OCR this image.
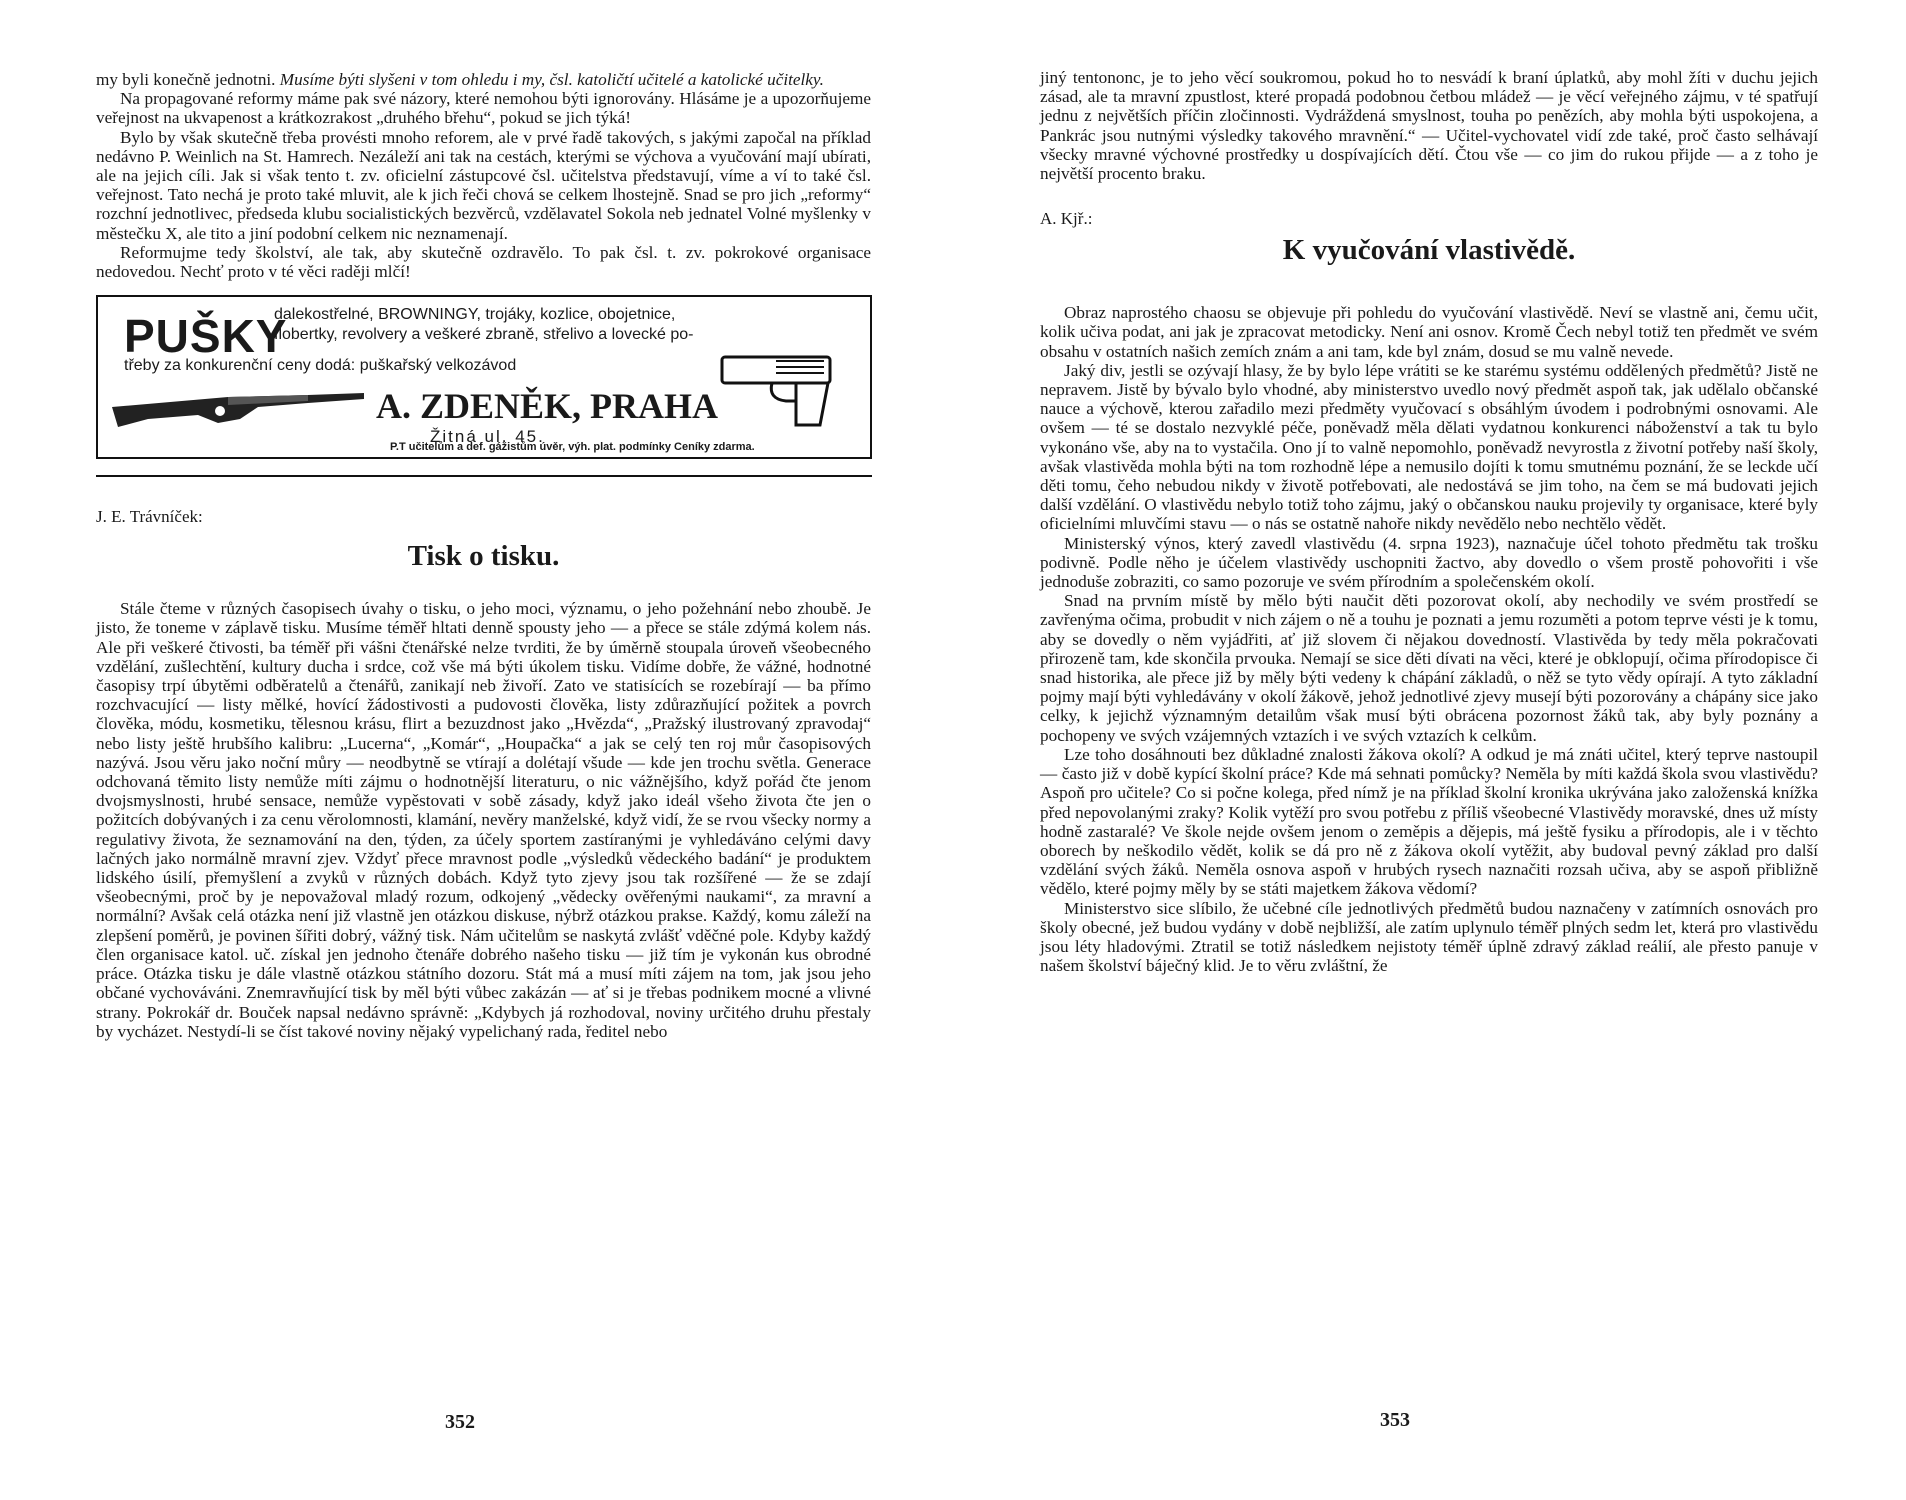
my byli konečně jednotni. Musíme býti slyšeni v tom ohledu i my, čsl. katoličtí učitelé a katolické učitelky.

Na propagované reformy máme pak své názory, které nemohou býti ignorovány. Hlásáme je a upozorňujeme veřejnost na ukvapenost a krátkozrakost „druhého břehu“, pokud se jich týká!

Bylo by však skutečně třeba provésti mnoho reforem, ale v prvé řadě takových, s jakými započal na příklad nedávno P. Weinlich na St. Hamrech. Nezáleží ani tak na cestách, kterými se výchova a vyučování mají ubírati, ale na jejich cíli. Jak si však tento t. zv. oficielní zástupcové čsl. učitelstva představují, víme a ví to také čsl. veřejnost. Tato nechá je proto také mluvit, ale k jich řeči chová se celkem lhostejně. Snad se pro jich „reformy“ rozchní jednotlivec, předseda klubu socialistických bezvěrců, vzdělavatel Sokola neb jednatel Volné myšlenky v městečku X, ale tito a jiní podobní celkem nic neznamenají.

Reformujme tedy školství, ale tak, aby skutečně ozdravělo. To pak čsl. t. zv. pokrokové organisace nedovedou. Nechť proto v té věci raději mlčí!

PUŠKY
dalekostřelné, BROWNINGY, trojáky, kozlice, obojetnice,
flobertky, revolvery a veškeré zbraně, střelivo a lovecké po-
třeby za konkurenční ceny dodá: puškařský velkozávod
A. ZDENĚK, PRAHA
Žitná ul. 45.
P.T učitelům a def. gážistům úvěr, výh. plat. podmínky Ceníky zdarma.

J. E. Trávníček:

Tisk o tisku.

Stále čteme v různých časopisech úvahy o tisku, o jeho moci, významu, o jeho požehnání nebo zhoubě. Je jisto, že toneme v záplavě tisku. Musíme téměř hltati denně spousty jeho — a přece se stále zdýmá kolem nás. Ale při veškeré čtivosti, ba téměř při vášni čtenářské nelze tvrditi, že by úměrně stoupala úroveň všeobecného vzdělání, zušlechtění, kultury ducha i srdce, což vše má býti úkolem tisku. Vidíme dobře, že vážné, hodnotné časopisy trpí úbytěmi odběratelů a čtenářů, zanikají neb živoří. Zato ve statisících se rozebírají — ba přímo rozchvacující — listy mělké, hovící žádostivosti a pudovosti člověka, listy zdůrazňující požitek a povrch člověka, módu, kosmetiku, tělesnou krásu, flirt a bezuzdnost jako „Hvězda“, „Pražský ilustrovaný zpravodaj“ nebo listy ještě hrubšího kalibru: „Lucerna“, „Komár“, „Houpačka“ a jak se celý ten roj můr časopisových nazývá. Jsou věru jako noční můry — neodbytně se vtírají a dolétají všude — kde jen trochu světla. Generace odchovaná těmito listy nemůže míti zájmu o hodnotnější literaturu, o nic vážnějšího, když pořád čte jenom dvojsmyslnosti, hrubé sensace, nemůže vypěstovati v sobě zásady, když jako ideál všeho života čte jen o požitcích dobývaných i za cenu věrolomnosti, klamání, nevěry manželské, když vidí, že se rvou všecky normy a regulativy života, že seznamování na den, týden, za účely sportem zastíranými je vyhledáváno celými davy lačných jako normálně mravní zjev. Vždyť přece mravnost podle „výsledků vědeckého badání“ je produktem lidského úsilí, přemyšlení a zvyků v různých dobách. Když tyto zjevy jsou tak rozšířené — že se zdají všeobecnými, proč by je nepovažoval mladý rozum, odkojený „vědecky ověřenými naukami“, za mravní a normální? Avšak celá otázka není již vlastně jen otázkou diskuse, nýbrž otázkou prakse. Každý, komu záleží na zlepšení poměrů, je povinen šířiti dobrý, vážný tisk. Nám učitelům se naskytá zvlášť vděčné pole. Kdyby každý člen organisace katol. uč. získal jen jednoho čtenáře dobrého našeho tisku — již tím je vykonán kus obrodné práce. Otázka tisku je dále vlastně otázkou státního dozoru. Stát má a musí míti zájem na tom, jak jsou jeho občané vychováváni. Znemravňující tisk by měl býti vůbec zakázán — ať si je třebas podnikem mocné a vlivné strany. Pokrokář dr. Bouček napsal nedávno správně: „Kdybych já rozhodoval, noviny určitého druhu přestaly by vycházet. Nestydí-li se číst takové noviny nějaký vypelichaný rada, ředitel nebo

352

jiný tentononc, je to jeho věcí soukromou, pokud ho to nesvádí k braní úplatků, aby mohl žíti v duchu jejich zásad, ale ta mravní zpustlost, které propadá podobnou četbou mládež — je věcí veřejného zájmu, v té spatřují jednu z největších příčin zločinnosti. Vydráždená smyslnost, touha po penězích, aby mohla býti uspokojena, a Pankrác jsou nutnými výsledky takového mravnění.“ — Učitel-vychovatel vidí zde také, proč často selhávají všecky mravné výchovné prostředky u dospívajících dětí. Čtou vše — co jim do rukou přijde — a z toho je největší procento braku.

A. Kjř.:

K vyučování vlastivědě.

Obraz naprostého chaosu se objevuje při pohledu do vyučování vlastivědě. Neví se vlastně ani, čemu učit, kolik učiva podat, ani jak je zpracovat metodicky. Není ani osnov. Kromě Čech nebyl totiž ten předmět ve svém obsahu v ostatních našich zemích znám a ani tam, kde byl znám, dosud se mu valně nevede.

Jaký div, jestli se ozývají hlasy, že by bylo lépe vrátiti se ke starému systému oddělených předmětů? Jistě ne nepravem. Jistě by bývalo bylo vhodné, aby ministerstvo uvedlo nový předmět aspoň tak, jak udělalo občanské nauce a výchově, kterou zařadilo mezi předměty vyučovací s obsáhlým úvodem i podrobnými osnovami. Ale ovšem — té se dostalo nezvyklé péče, poněvadž měla dělati vydatnou konkurenci náboženství a tak tu bylo vykonáno vše, aby na to vystačila. Ono jí to valně nepomohlo, poněvadž nevyrostla z životní potřeby naší školy, avšak vlastivěda mohla býti na tom rozhodně lépe a nemusilo dojíti k tomu smutnému poznání, že se leckde učí děti tomu, čeho nebudou nikdy v životě potřebovati, ale nedostává se jim toho, na čem se má budovati jejich další vzdělání. O vlastivědu nebylo totiž toho zájmu, jaký o občanskou nauku projevily ty organisace, které byly oficielními mluvčími stavu — o nás se ostatně nahoře nikdy nevědělo nebo nechtělo vědět.

Ministerský výnos, který zavedl vlastivědu (4. srpna 1923), naznačuje účel tohoto předmětu tak trošku podivně. Podle něho je účelem vlastivědy uschopniti žactvo, aby dovedlo o všem prostě pohovořiti i vše jednoduše zobraziti, co samo pozoruje ve svém přírodním a společenském okolí.

Snad na prvním místě by mělo býti naučit děti pozorovat okolí, aby nechodily ve svém prostředí se zavřenýma očima, probudit v nich zájem o ně a touhu je poznati a jemu rozuměti a potom teprve vésti je k tomu, aby se dovedly o něm vyjádřiti, ať již slovem či nějakou dovedností. Vlastivěda by tedy měla pokračovati přirozeně tam, kde skončila prvouka. Nemají se sice děti dívati na věci, které je obklopují, očima přírodopisce či snad historika, ale přece již by měly býti vedeny k chápání základů, o něž se tyto vědy opírají. A tyto základní pojmy mají býti vyhledávány v okolí žákově, jehož jednotlivé zjevy musejí býti pozorovány a chápány sice jako celky, k jejichž významným detailům však musí býti obrácena pozornost žáků tak, aby byly poznány a pochopeny ve svých vzájemných vztazích i ve svých vztazích k celkům.

Lze toho dosáhnouti bez důkladné znalosti žákova okolí? A odkud je má znáti učitel, který teprve nastoupil — často již v době kypící školní práce? Kde má sehnati pomůcky? Neměla by míti každá škola svou vlastivědu? Aspoň pro učitele? Co si počne kolega, před nímž je na příklad školní kronika ukrývána jako založenská knížka před nepovolanými zraky? Kolik vytěží pro svou potřebu z příliš všeobecné Vlastivědy moravské, dnes už místy hodně zastaralé? Ve škole nejde ovšem jenom o zeměpis a dějepis, má ještě fysiku a přírodopis, ale i v těchto oborech by neškodilo vědět, kolik se dá pro ně z žákova okolí vytěžit, aby budoval pevný základ pro další vzdělání svých žáků. Neměla osnova aspoň v hrubých rysech naznačiti rozsah učiva, aby se aspoň přibližně vědělo, které pojmy měly by se státi majetkem žákova vědomí?

Ministerstvo sice slíbilo, že učebné cíle jednotlivých předmětů budou naznačeny v zatímních osnovách pro školy obecné, jež budou vydány v době nejbližší, ale zatím uplynulo téměř plných sedm let, která pro vlastivědu jsou léty hladovými. Ztratil se totiž následkem nejistoty téměř úplně zdravý základ reálií, ale přesto panuje v našem školství báječný klid. Je to věru zvláštní, že

353
